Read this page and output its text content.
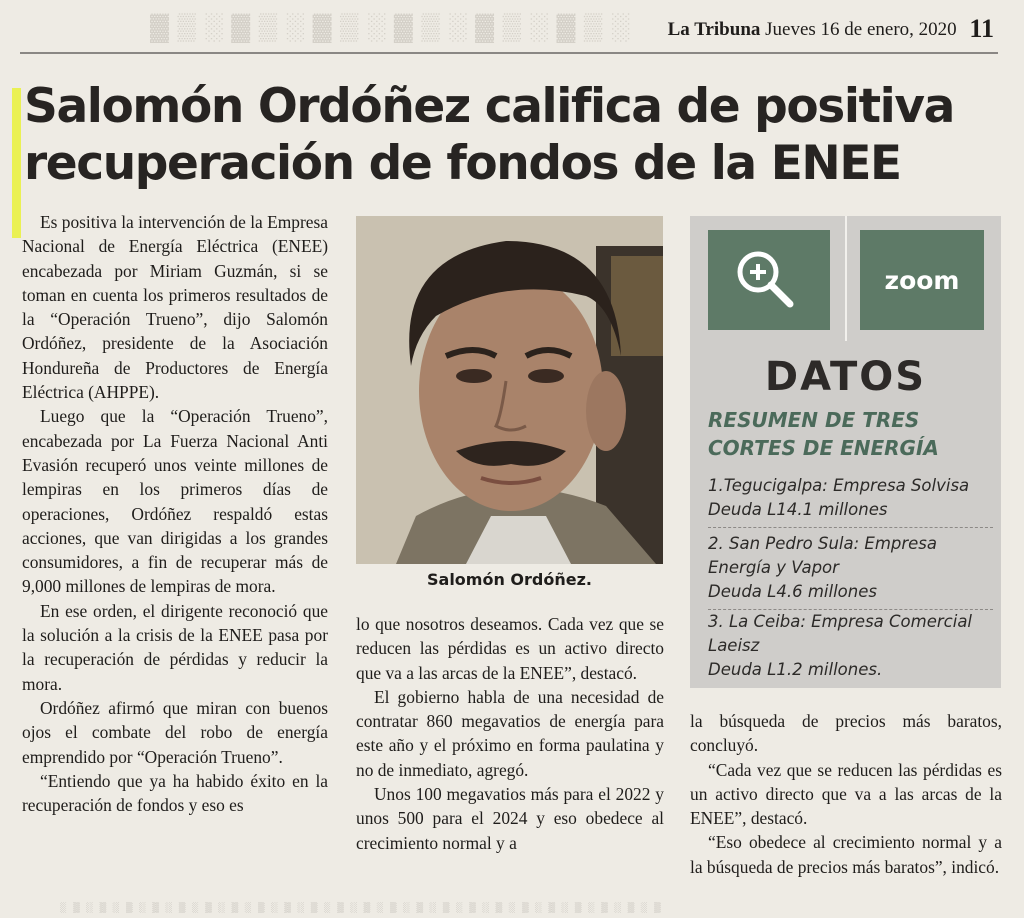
▓ ▒ ░ ▓ ▒ ░ ▓ ▒ ░ ▓ ▒ ░ ▓ ▒ ░ ▓ ▒ ░ La Tribuna Jueves 16 de enero, 2020 11
Salomón Ordóñez califica de positiva
recuperación de fondos de la ENEE

Es positiva la intervención de la Empresa Nacional de Energía Eléctrica (ENEE) encabezada por Miriam Guzmán, si se toman en cuenta los primeros resultados de la “Operación Trueno”, dijo Salomón Ordóñez, presidente de la Asociación Hondureña de Productores de Energía Eléctrica (AHPPE).

Luego que la “Operación Trueno”, encabezada por La Fuerza Nacional Anti Evasión recuperó unos veinte millones de lempiras en los primeros días de operaciones, Ordóñez respaldó estas acciones, que van dirigidas a los grandes consumidores, a fin de recuperar más de 9,000 millones de lempiras de mora.

En ese orden, el dirigente reconoció que la solución a la crisis de la ENEE pasa por la recuperación de pérdidas y reducir la mora.

Ordóñez afirmó que miran con buenos ojos el combate del robo de energía emprendido por “Operación Trueno”.

“Entiendo que ya ha habido éxito en la recuperación de fondos y eso es

Salomón Ordóñez.
zoom
DATOS
RESUMEN DE TRES
CORTES DE ENERGÍA
1.Tegucigalpa: Empresa Solvisa
Deuda L14.1 millones
2. San Pedro Sula: Empresa
Energía y Vapor
Deuda L4.6 millones
3. La Ceiba: Empresa Comercial
Laeisz
Deuda L1.2 millones.

lo que nosotros deseamos. Cada vez que se reducen las pérdidas es un activo directo que va a las arcas de la ENEE”, destacó.

El gobierno habla de una necesidad de contratar 860 megavatios de energía para este año y el próximo en forma paulatina y no de inmediato, agregó.

Unos 100 megavatios más para el 2022 y unos 500 para el 2024 y eso obedece al crecimiento normal y a

la búsqueda de precios más baratos, concluyó.

“Cada vez que se reducen las pérdidas es un activo directo que va a las arcas de la ENEE”, destacó.

“Eso obedece al crecimiento normal y a la búsqueda de precios más baratos”, indicó.

░ ▒ ░ ▒ ░ ▒ ░ ▒ ░ ▒ ░ ▒ ░ ▒ ░ ▒ ░ ▒ ░ ▒ ░ ▒ ░ ▒ ░ ▒ ░ ▒ ░ ▒ ░ ▒ ░ ▒ ░ ▒ ░ ▒ ░ ▒ ░ ▒ ░ ▒ ░ ▒
